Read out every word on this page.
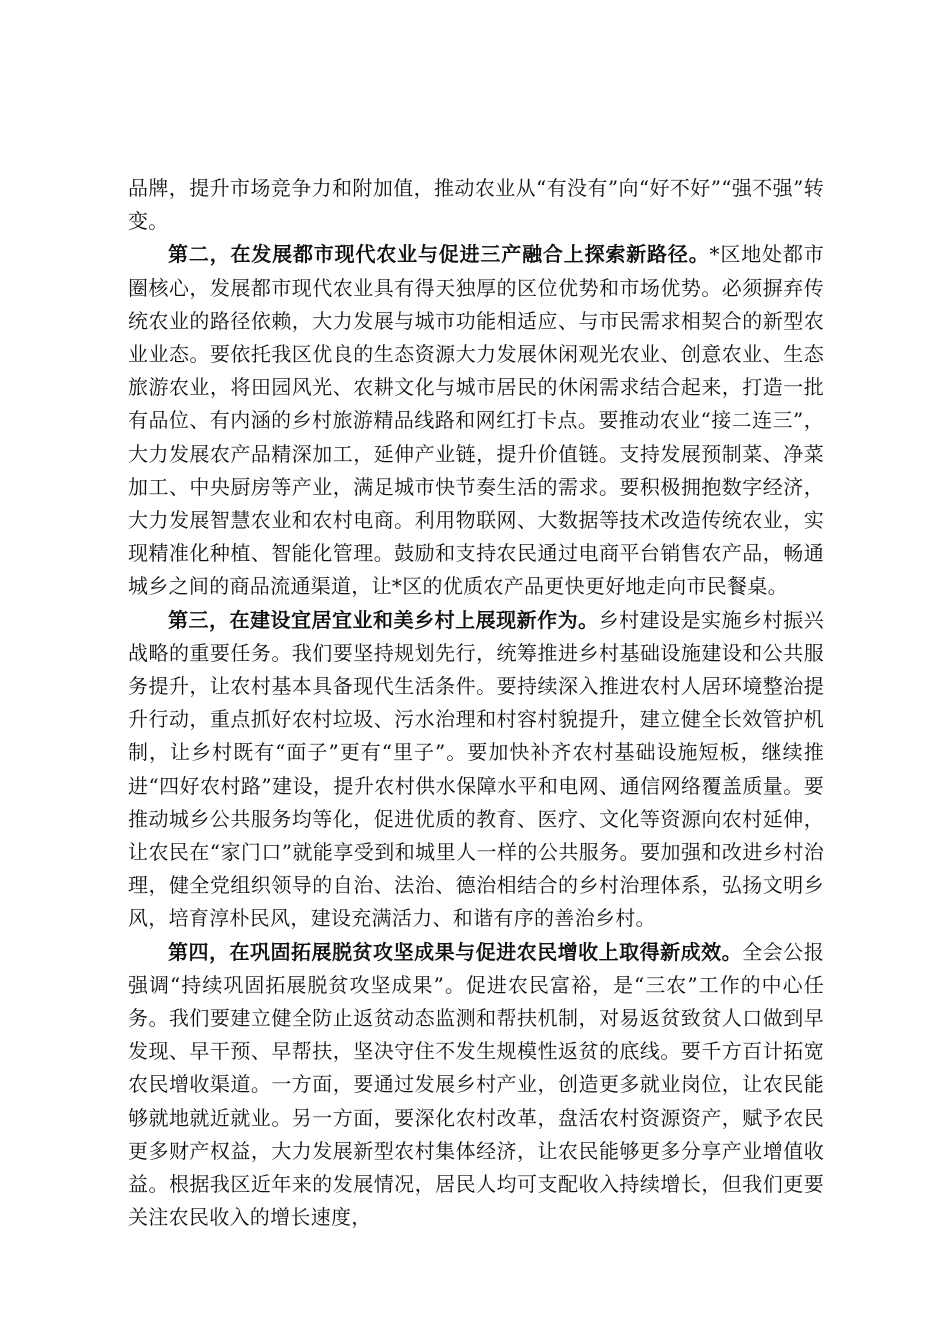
品牌，提升市场竞争力和附加值，推动农业从“有没有”向“好不好”“强不强”转变。

第二，在发展都市现代农业与促进三产融合上探索新路径。*区地处都市圈核心，发展都市现代农业具有得天独厚的区位优势和市场优势。必须摒弃传统农业的路径依赖，大力发展与城市功能相适应、与市民需求相契合的新型农业业态。要依托我区优良的生态资源大力发展休闲观光农业、创意农业、生态旅游农业，将田园风光、农耕文化与城市居民的休闲需求结合起来，打造一批有品位、有内涵的乡村旅游精品线路和网红打卡点。要推动农业“接二连三”，大力发展农产品精深加工，延伸产业链，提升价值链。支持发展预制菜、净菜加工、中央厨房等产业，满足城市快节奏生活的需求。要积极拥抱数字经济，大力发展智慧农业和农村电商。利用物联网、大数据等技术改造传统农业，实现精准化种植、智能化管理。鼓励和支持农民通过电商平台销售农产品，畅通城乡之间的商品流通渠道，让*区的优质农产品更快更好地走向市民餐桌。

第三，在建设宜居宜业和美乡村上展现新作为。乡村建设是实施乡村振兴战略的重要任务。我们要坚持规划先行，统筹推进乡村基础设施建设和公共服务提升，让农村基本具备现代生活条件。要持续深入推进农村人居环境整治提升行动，重点抓好农村垃圾、污水治理和村容村貌提升，建立健全长效管护机制，让乡村既有“面子”更有“里子”。要加快补齐农村基础设施短板，继续推进“四好农村路”建设，提升农村供水保障水平和电网、通信网络覆盖质量。要推动城乡公共服务均等化，促进优质的教育、医疗、文化等资源向农村延伸，让农民在“家门口”就能享受到和城里人一样的公共服务。要加强和改进乡村治理，健全党组织领导的自治、法治、德治相结合的乡村治理体系，弘扬文明乡风，培育淳朴民风，建设充满活力、和谐有序的善治乡村。

第四，在巩固拓展脱贫攻坚成果与促进农民增收上取得新成效。全会公报强调“持续巩固拓展脱贫攻坚成果”。促进农民富裕，是“三农”工作的中心任务。我们要建立健全防止返贫动态监测和帮扶机制，对易返贫致贫人口做到早发现、早干预、早帮扶，坚决守住不发生规模性返贫的底线。要千方百计拓宽农民增收渠道。一方面，要通过发展乡村产业，创造更多就业岗位，让农民能够就地就近就业。另一方面，要深化农村改革，盘活农村资源资产，赋予农民更多财产权益，大力发展新型农村集体经济，让农民能够更多分享产业增值收益。根据我区近年来的发展情况，居民人均可支配收入持续增长，但我们更要关注农民收入的增长速度，
